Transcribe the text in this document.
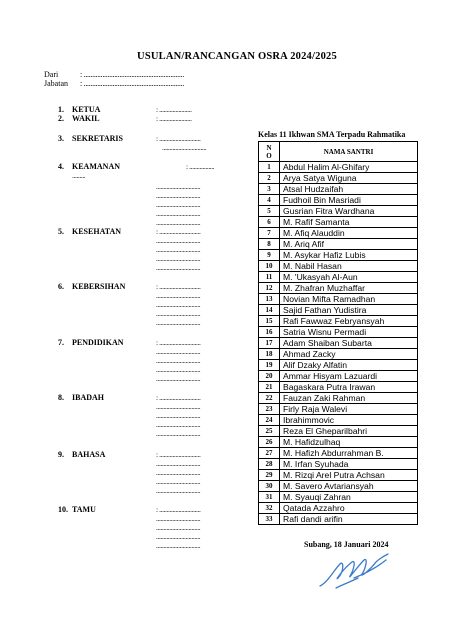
USULAN/RANCANGAN OSRA 2024/2025
Dari	: ...........................................................
Jabatan : ...........................................................
1. KETUA	: ......................
2. WAKIL	: ......................
3. SEKRETARIS	: ............................
..............................
4. KEAMANAN	: .................
.........
..............................
..............................
..............................
..............................
..............................
5. KESEHATAN	: ............................
..............................
..............................
..............................
..............................
6. KEBERSIHAN	: ............................
..............................
..............................
..............................
..............................
7. PENDIDIKAN	: ............................
..............................
..............................
..............................
..............................
8. IBADAH	: ............................
..............................
..............................
..............................
..............................
9. BAHASA	: ............................
..............................
..............................
..............................
..............................
10. TAMU	: ............................
..............................
..............................
..............................
..............................
Kelas 11 Ikhwan SMA Terpadu Rahmatika
NO	NAMA SANTRI
1	Abdul Halim Al-Ghifary
2	Arya Satya Wiguna
3	Atsal Hudzaifah
4	Fudhoil Bin Masriadi
5	Gusrian Fitra Wardhana
6	M. Rafif Samanta
7	M. Afiq Alauddin
8	M. Ariq Afif
9	M. Asykar Hafiz Lubis
10	M. Nabil Hasan
11	M. 'Ukasyah Al-Aun
12	M. Zhafran Muzhaffar
13	Novian Mifta Ramadhan
14	Sajid Fathan Yudistira
15	Rafi Fawwaz Febryansyah
16	Satria Wisnu Permadi
17	Adam Shaiban Subarta
18	Ahmad Zacky
19	Alif Dzaky Alfatin
20	Ammar Hisyam Lazuardi
21	Bagaskara Putra Irawan
22	Fauzan Zaki Rahman
23	Firly Raja Walevi
24	Ibrahimmovic
25	Reza El Gheparilbahri
26	M. Hafidzulhaq
27	M. Hafizh Abdurrahman B.
28	M. Irfan Syuhada
29	M. Rizqi Arel Putra Achsan
30	M. Savero Avtariansyah
31	M. Syauqi Zahran
32	Qatada Azzahro
33	Rafi dandi arifin
Subang, 18 Januari 2024
